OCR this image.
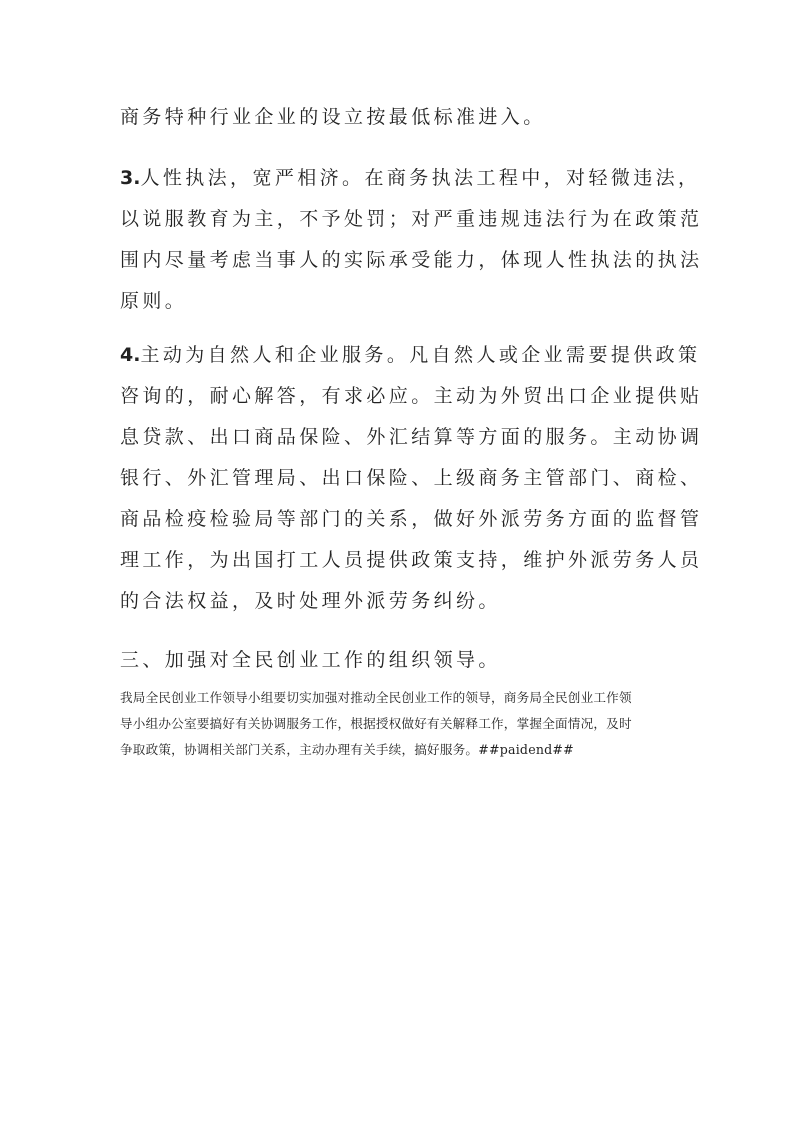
商务特种行业企业的设立按最低标准进入。

3.人性执法，宽严相济。在商务执法工程中，对轻微违法，
以说服教育为主，不予处罚；对严重违规违法行为在政策范
围内尽量考虑当事人的实际承受能力，体现人性执法的执法
原则。

4.主动为自然人和企业服务。凡自然人或企业需要提供政策
咨询的，耐心解答，有求必应。主动为外贸出口企业提供贴
息贷款、出口商品保险、外汇结算等方面的服务。主动协调
银行、外汇管理局、出口保险、上级商务主管部门、商检、
商品检疫检验局等部门的关系，做好外派劳务方面的监督管
理工作，为出国打工人员提供政策支持，维护外派劳务人员
的合法权益，及时处理外派劳务纠纷。

三、加强对全民创业工作的组织领导。

我局全民创业工作领导小组要切实加强对推动全民创业工作的领导，商务局全民创业工作领
导小组办公室要搞好有关协调服务工作，根据授权做好有关解释工作，掌握全面情况，及时
争取政策，协调相关部门关系，主动办理有关手续，搞好服务。##paidend##
